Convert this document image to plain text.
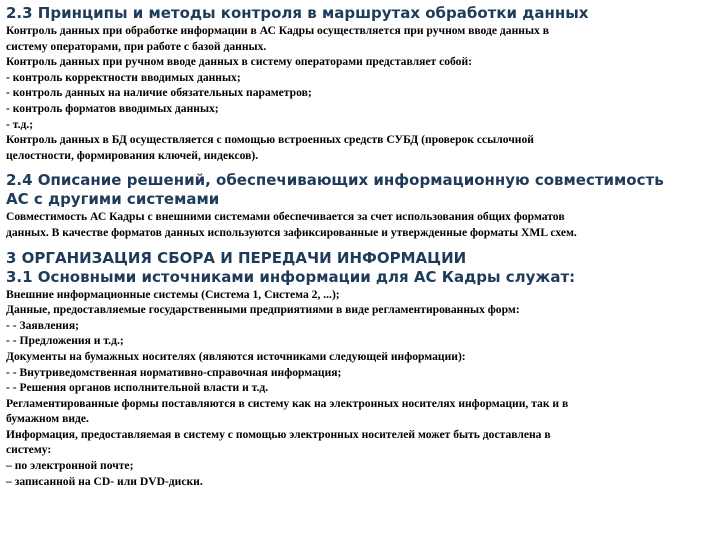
2.3 Принципы и методы контроля в маршрутах обработки данных
Контроль данных при обработке информации в АС Кадры осуществляется при ручном вводе данных в
систему операторами, при работе с базой данных.
Контроль данных при ручном вводе данных в систему операторами представляет собой:
- контроль корректности вводимых данных;
- контроль данных на наличие обязательных параметров;
- контроль форматов вводимых данных;
- т.д.;
Контроль данных в БД осуществляется с помощью встроенных средств СУБД (проверок ссылочной
целостности, формирования ключей, индексов).
2.4 Описание решений, обеспечивающих информационную совместимость
АС с другими системами
Совместимость АС Кадры с внешними системами обеспечивается за счет использования общих форматов
данных. В качестве форматов данных используются зафиксированные и утвержденные форматы XML схем.
3 ОРГАНИЗАЦИЯ СБОРА И ПЕРЕДАЧИ ИНФОРМАЦИИ
3.1 Основными источниками информации для АС Кадры служат:
Внешние информационные системы (Система 1, Система 2, ...);
Данные, предоставляемые государственными предприятиями в виде регламентированных форм:
- - Заявления;
- - Предложения и т.д.;
Документы на бумажных носителях (являются источниками следующей информации):
- - Внутриведомственная нормативно-справочная информация;
- - Решения органов исполнительной власти и т.д.
Регламентированные формы поставляются в систему как на электронных носителях информации, так и в
бумажном виде.
Информация, предоставляемая в систему с помощью электронных носителей может быть доставлена в
систему:
– по электронной почте;
– записанной на CD- или DVD-диски.
